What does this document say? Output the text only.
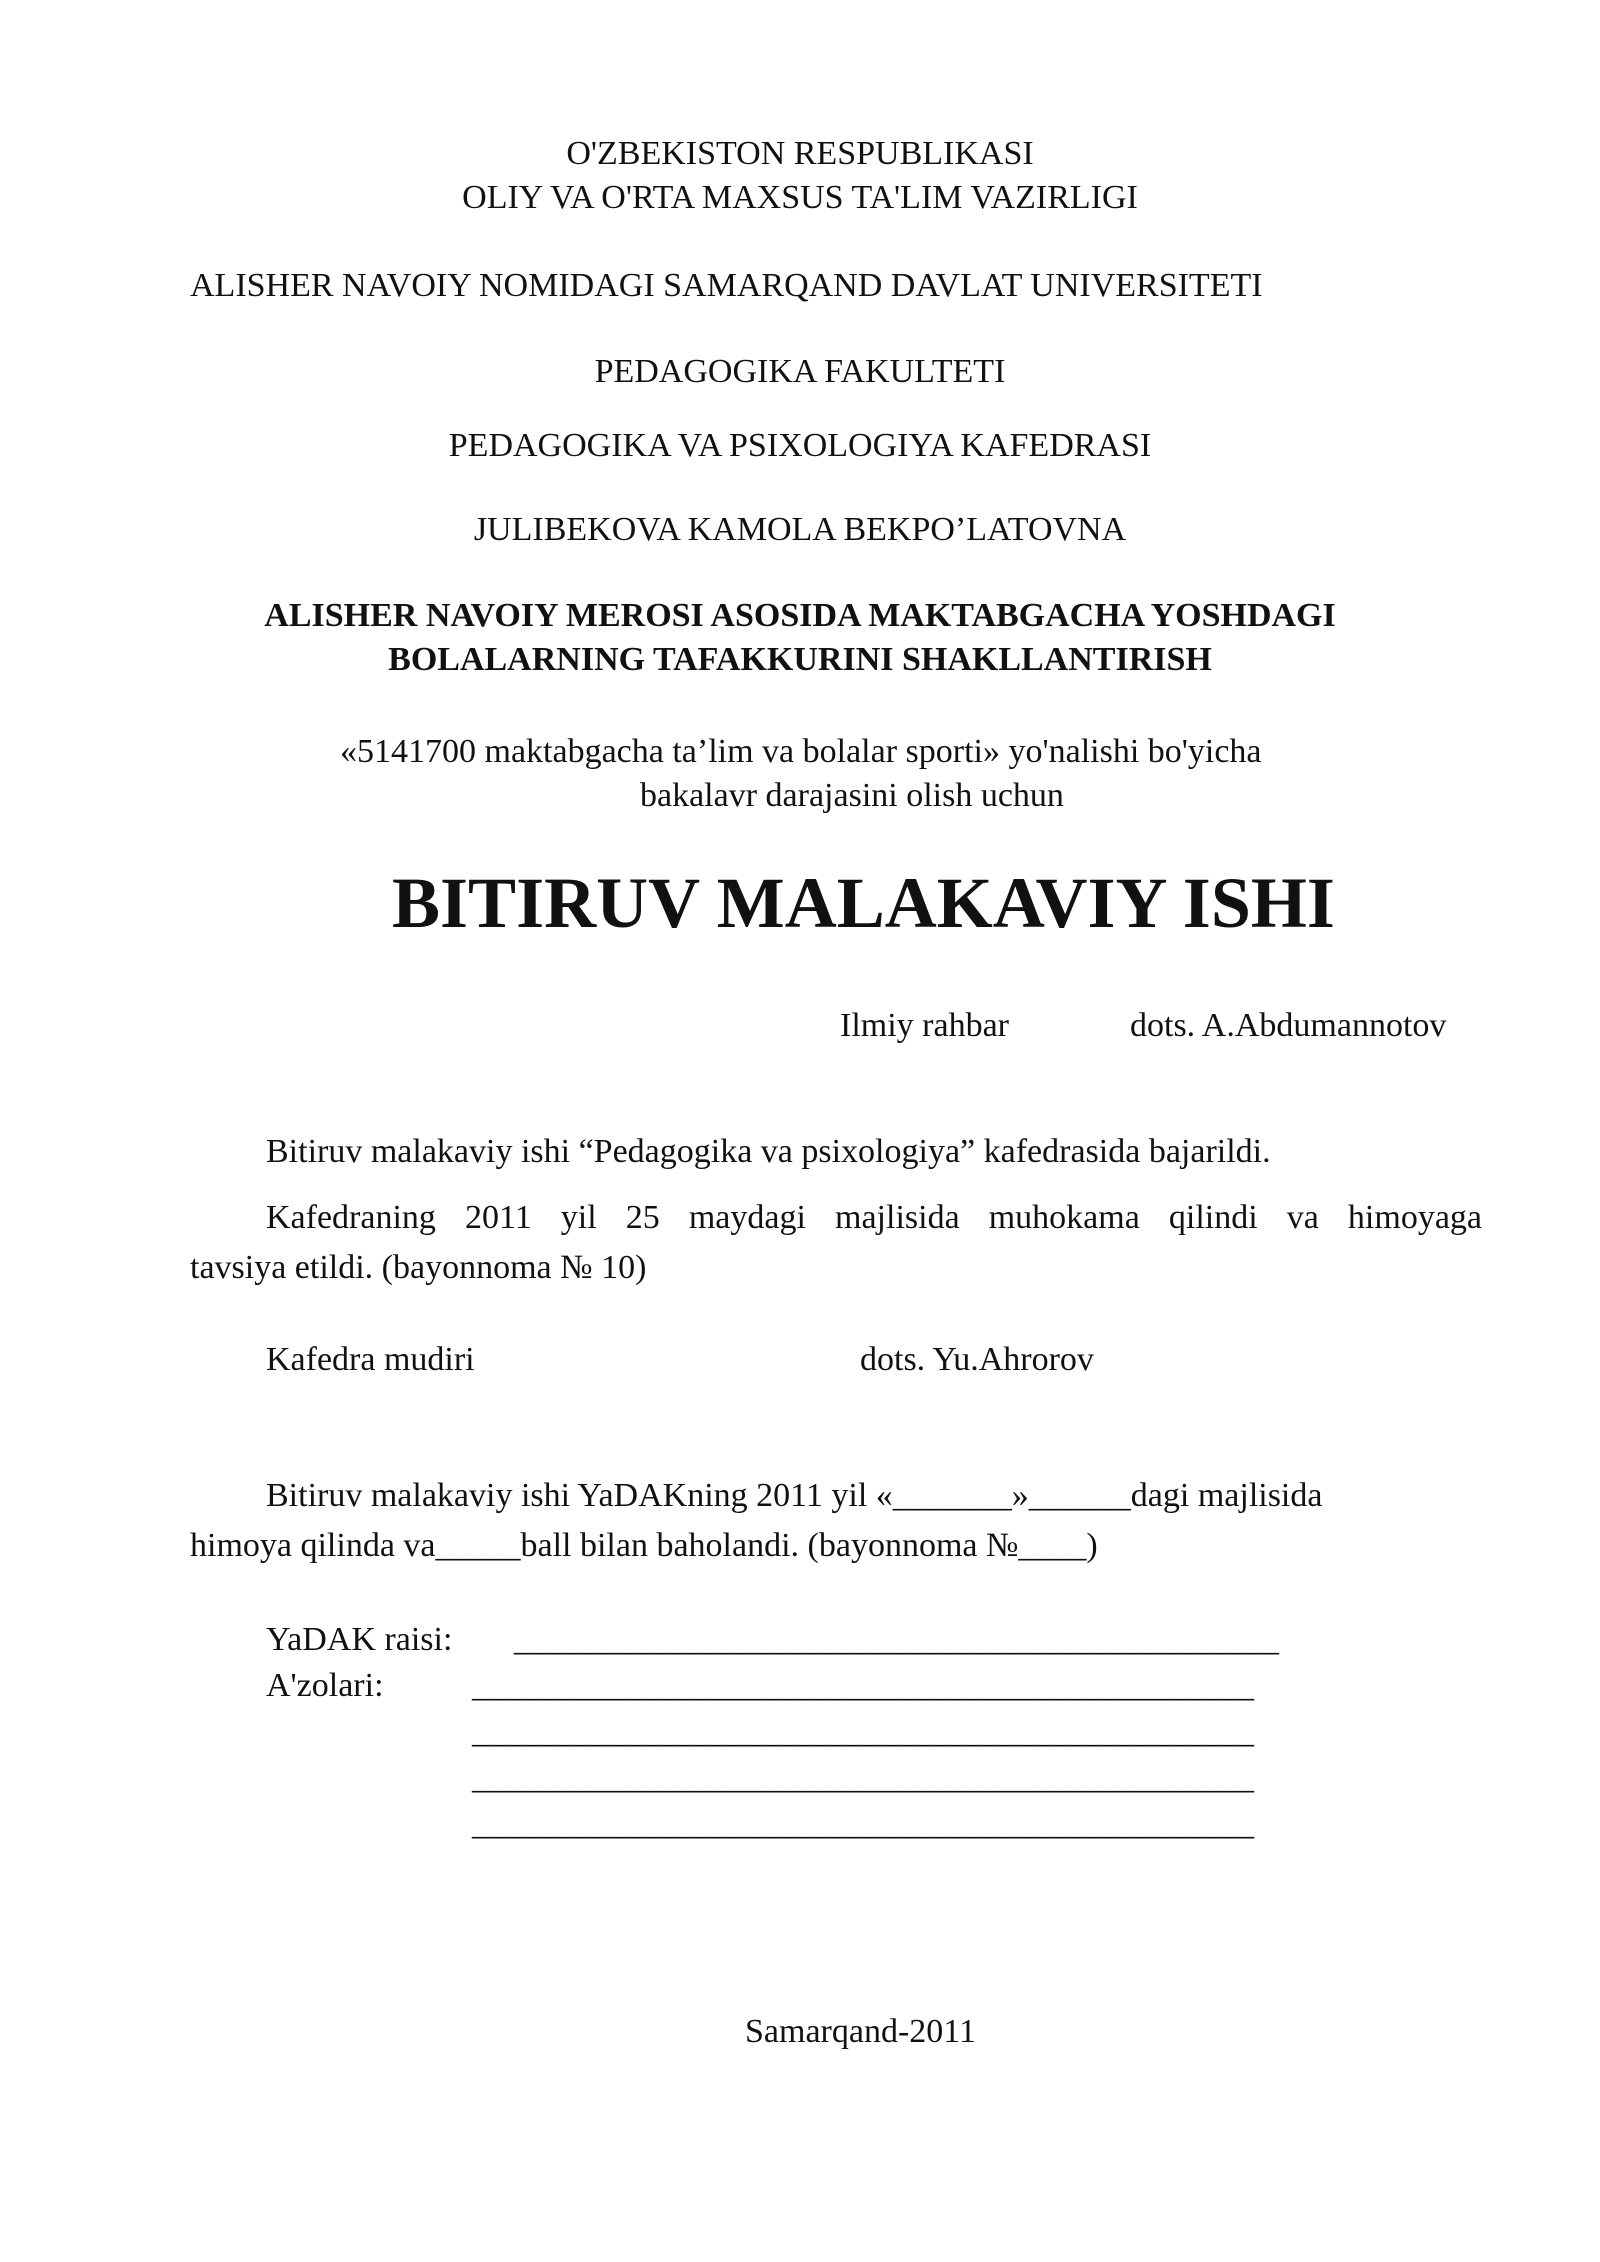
O'ZBEKISTON RESPUBLIKASI
OLIY VA O'RTA MAXSUS TA'LIM VAZIRLIGI
ALISHER NAVOIY NOMIDAGI SAMARQAND DAVLAT UNIVERSITETI
PEDAGOGIKA FAKULTETI
PEDAGOGIKA VA PSIXOLOGIYA KAFEDRASI
JULIBEKOVA KAMOLA BEKPO’LATOVNA
ALISHER NAVOIY MEROSI ASOSIDA MAKTABGACHA YOSHDAGI
BOLALARNING TAFAKKURINI SHAKLLANTIRISH
«5141700 maktabgacha ta’lim va bolalar sporti» yo'nalishi bo'yicha
bakalavr darajasini olish uchun
BITIRUV MALAKAVIY ISHI
Ilmiy rahbar	dots. A.Abdumannotov
Bitiruv malakaviy ishi “Pedagogika va psixologiya” kafedrasida bajarildi.
Kafedraning 2011 yil 25 maydagi majlisida muhokama qilindi va himoyaga
tavsiya etildi. (bayonnoma № 10)
Kafedra mudiri	dots. Yu.Ahrorov
Bitiruv malakaviy ishi YaDAKning 2011 yil «_______»______dagi majlisida
himoya qilinda va_____ball bilan baholandi. (bayonnoma №____)
YaDAK raisi: _____________________________________________
A'zolari:	______________________________________________
______________________________________________
______________________________________________
______________________________________________
Samarqand-2011
